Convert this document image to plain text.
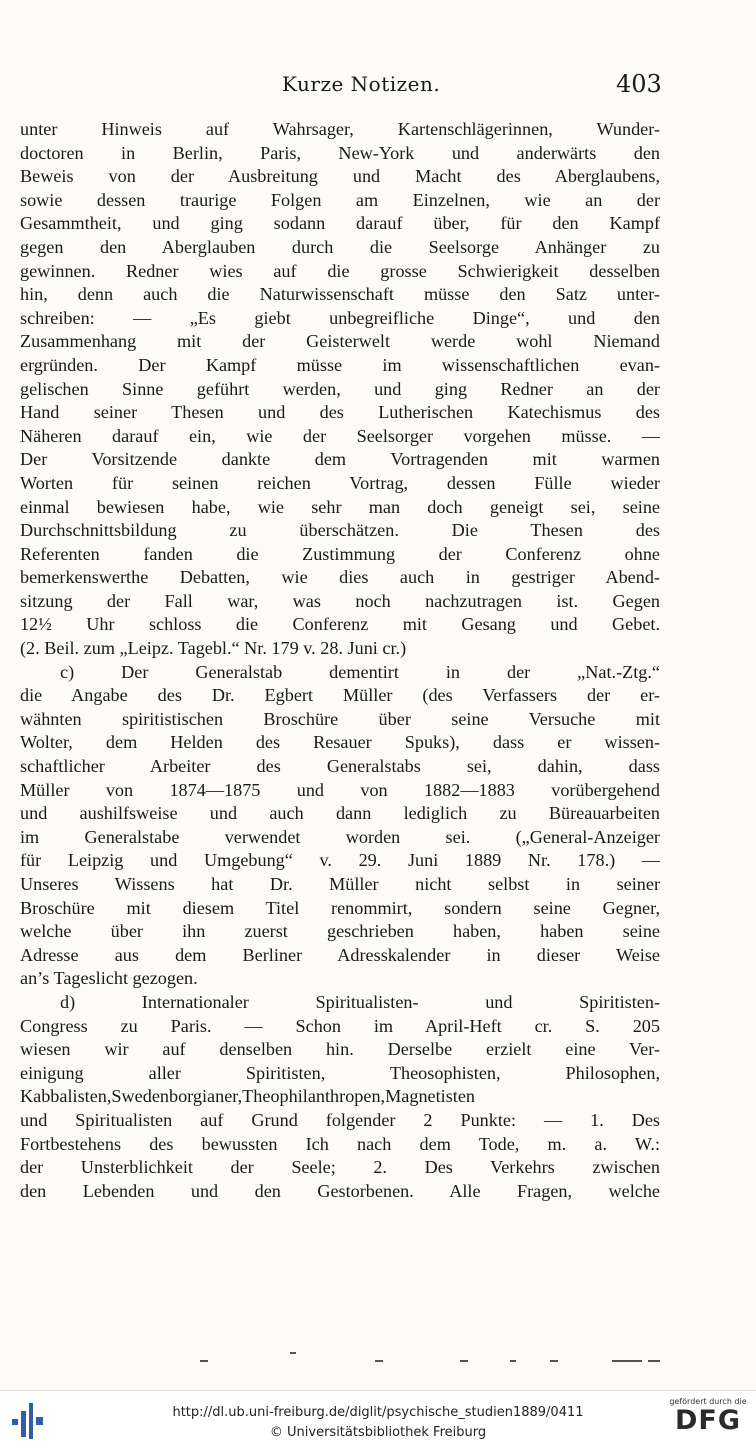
Kurze Notizen.	403
unter Hinweis auf Wahrsager, Kartenschlägerinnen, Wunder-
doctoren in Berlin, Paris, New-York und anderwärts den
Beweis von der Ausbreitung und Macht des Aberglaubens,
sowie dessen traurige Folgen am Einzelnen, wie an der
Gesammtheit, und ging sodann darauf über, für den Kampf
gegen den Aberglauben durch die Seelsorge Anhänger zu
gewinnen. Redner wies auf die grosse Schwierigkeit desselben
hin, denn auch die Naturwissenschaft müsse den Satz unter-
schreiben: — „Es giebt unbegreifliche Dinge“, und den
Zusammenhang mit der Geisterwelt werde wohl Niemand
ergründen. Der Kampf müsse im wissenschaftlichen evan-
gelischen Sinne geführt werden, und ging Redner an der
Hand seiner Thesen und des Lutherischen Katechismus des
Näheren darauf ein, wie der Seelsorger vorgehen müsse. —
Der Vorsitzende dankte dem Vortragenden mit warmen
Worten für seinen reichen Vortrag, dessen Fülle wieder
einmal bewiesen habe, wie sehr man doch geneigt sei, seine
Durchschnittsbildung zu überschätzen. Die Thesen des
Referenten fanden die Zustimmung der Conferenz ohne
bemerkenswerthe Debatten, wie dies auch in gestriger Abend-
sitzung der Fall war, was noch nachzutragen ist. Gegen
12½ Uhr schloss die Conferenz mit Gesang und Gebet.
(2. Beil. zum „Leipz. Tagebl.“ Nr. 179 v. 28. Juni cr.)
c) Der Generalstab dementirt in der „Nat.-Ztg.“
die Angabe des Dr. Egbert Müller (des Verfassers der er-
wähnten spiritistischen Broschüre über seine Versuche mit
Wolter, dem Helden des Resauer Spuks), dass er wissen-
schaftlicher Arbeiter des Generalstabs sei, dahin, dass
Müller von 1874—1875 und von 1882—1883 vorübergehend
und aushilfsweise und auch dann lediglich zu Büreauarbeiten
im Generalstabe verwendet worden sei. („General-Anzeiger
für Leipzig und Umgebung“ v. 29. Juni 1889 Nr. 178.) —
Unseres Wissens hat Dr. Müller nicht selbst in seiner
Broschüre mit diesem Titel renommirt, sondern seine Gegner,
welche über ihn zuerst geschrieben haben, haben seine
Adresse aus dem Berliner Adresskalender in dieser Weise
an’s Tageslicht gezogen.
d) Internationaler Spiritualisten- und Spiritisten-
Congress zu Paris. — Schon im April-Heft cr. S. 205
wiesen wir auf denselben hin. Derselbe erzielt eine Ver-
einigung aller Spiritisten, Theosophisten, Philosophen,
Kabbalisten,Swedenborgianer,Theophilanthropen,Magnetisten
und Spiritualisten auf Grund folgender 2 Punkte: — 1. Des
Fortbestehens des bewussten Ich nach dem Tode, m. a. W.:
der Unsterblichkeit der Seele; 2. Des Verkehrs zwischen
den Lebenden und den Gestorbenen. Alle Fragen, welche
http://dl.ub.uni-freiburg.de/diglit/psychische_studien1889/0411
© Universitätsbibliothek Freiburg
gefördert durch die
DFG
